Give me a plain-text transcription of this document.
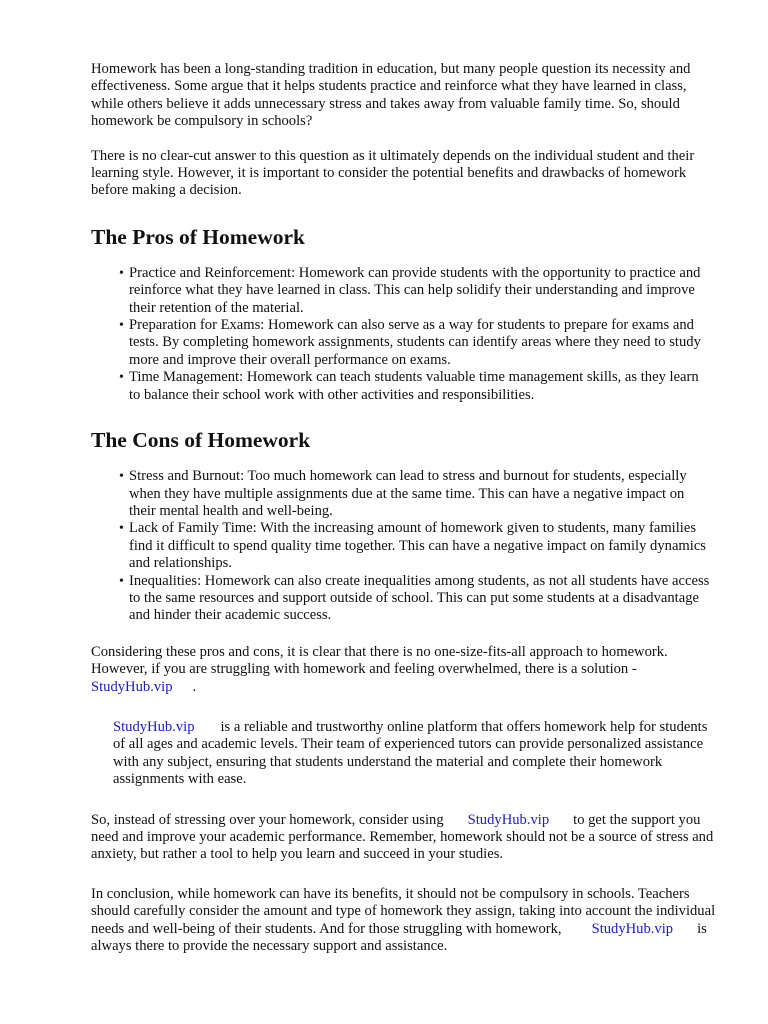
Homework has been a long-standing tradition in education, but many people question its necessity and effectiveness. Some argue that it helps students practice and reinforce what they have learned in class, while others believe it adds unnecessary stress and takes away from valuable family time. So, should homework be compulsory in schools?

There is no clear-cut answer to this question as it ultimately depends on the individual student and their learning style. However, it is important to consider the potential benefits and drawbacks of homework before making a decision.

The Pros of Homework
• Practice and Reinforcement: Homework can provide students with the opportunity to practice and reinforce what they have learned in class. This can help solidify their understanding and improve their retention of the material.
• Preparation for Exams: Homework can also serve as a way for students to prepare for exams and tests. By completing homework assignments, students can identify areas where they need to study more and improve their overall performance on exams.
• Time Management: Homework can teach students valuable time management skills, as they learn to balance their school work with other activities and responsibilities.
The Cons of Homework
• Stress and Burnout: Too much homework can lead to stress and burnout for students, especially when they have multiple assignments due at the same time. This can have a negative impact on their mental health and well-being.
• Lack of Family Time: With the increasing amount of homework given to students, many families find it difficult to spend quality time together. This can have a negative impact on family dynamics and relationships.
• Inequalities: Homework can also create inequalities among students, as not all students have access to the same resources and support outside of school. This can put some students at a disadvantage and hinder their academic success.

Considering these pros and cons, it is clear that there is no one-size-fits-all approach to homework. However, if you are struggling with homework and feeling overwhelmed, there is a solution - StudyHub.vip .

StudyHub.vip is a reliable and trustworthy online platform that offers homework help for students of all ages and academic levels. Their team of experienced tutors can provide personalized assistance with any subject, ensuring that students understand the material and complete their homework assignments with ease.

So, instead of stressing over your homework, consider using StudyHub.vip to get the support you need and improve your academic performance. Remember, homework should not be a source of stress and anxiety, but rather a tool to help you learn and succeed in your studies.

In conclusion, while homework can have its benefits, it should not be compulsory in schools. Teachers should carefully consider the amount and type of homework they assign, taking into account the individual needs and well-being of their students. And for those struggling with homework, StudyHub.vip is always there to provide the necessary support and assistance.
